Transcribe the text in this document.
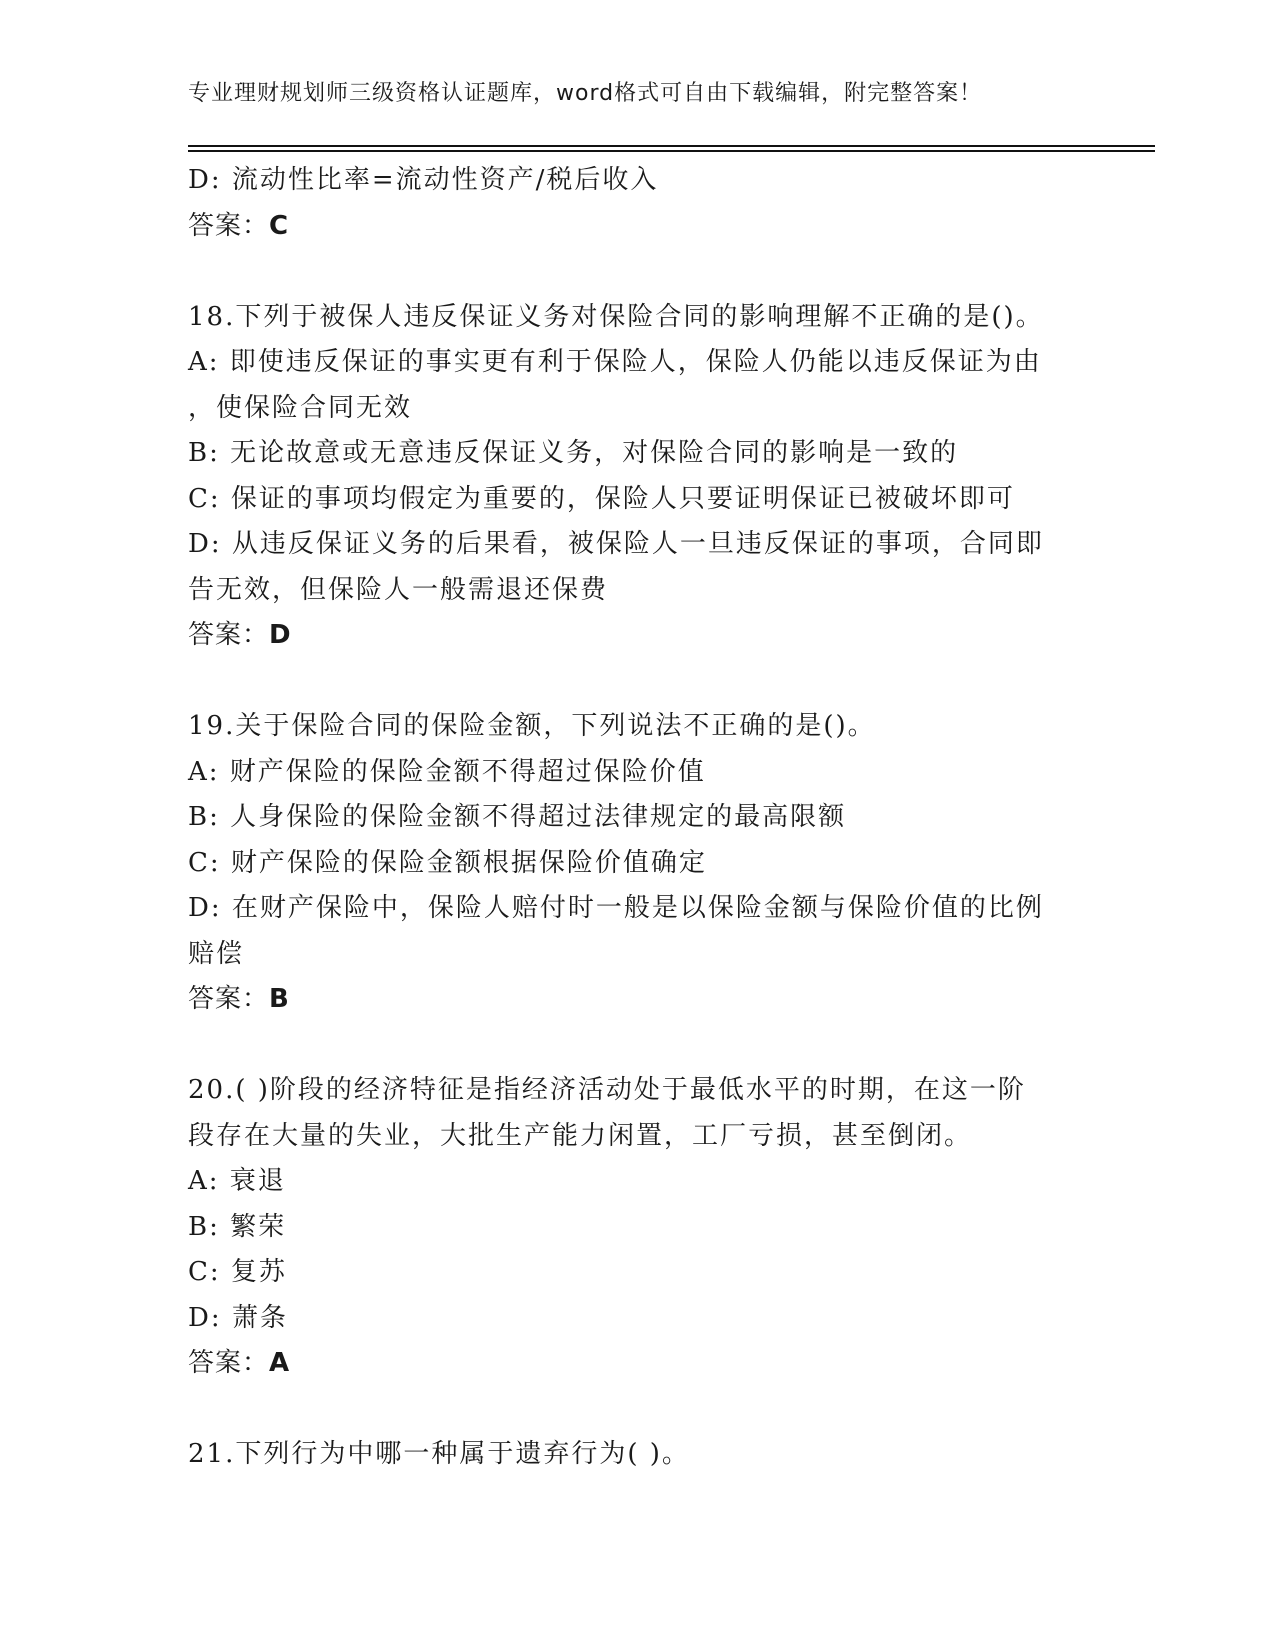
专业理财规划师三级资格认证题库，word格式可自由下载编辑，附完整答案！
D: 流动性比率=流动性资产/税后收入
答案：C
18.下列于被保人违反保证义务对保险合同的影响理解不正确的是()。
A: 即使违反保证的事实更有利于保险人，保险人仍能以违反保证为由
，使保险合同无效
B: 无论故意或无意违反保证义务，对保险合同的影响是一致的
C: 保证的事项均假定为重要的，保险人只要证明保证已被破坏即可
D: 从违反保证义务的后果看，被保险人一旦违反保证的事项，合同即
告无效，但保险人一般需退还保费
答案：D
19.关于保险合同的保险金额，下列说法不正确的是()。
A: 财产保险的保险金额不得超过保险价值
B: 人身保险的保险金额不得超过法律规定的最高限额
C: 财产保险的保险金额根据保险价值确定
D: 在财产保险中，保险人赔付时一般是以保险金额与保险价值的比例
赔偿
答案：B
20.( )阶段的经济特征是指经济活动处于最低水平的时期，在这一阶
段存在大量的失业，大批生产能力闲置，工厂亏损，甚至倒闭。
A: 衰退
B: 繁荣
C: 复苏
D: 萧条
答案：A
21.下列行为中哪一种属于遗弃行为( )。
